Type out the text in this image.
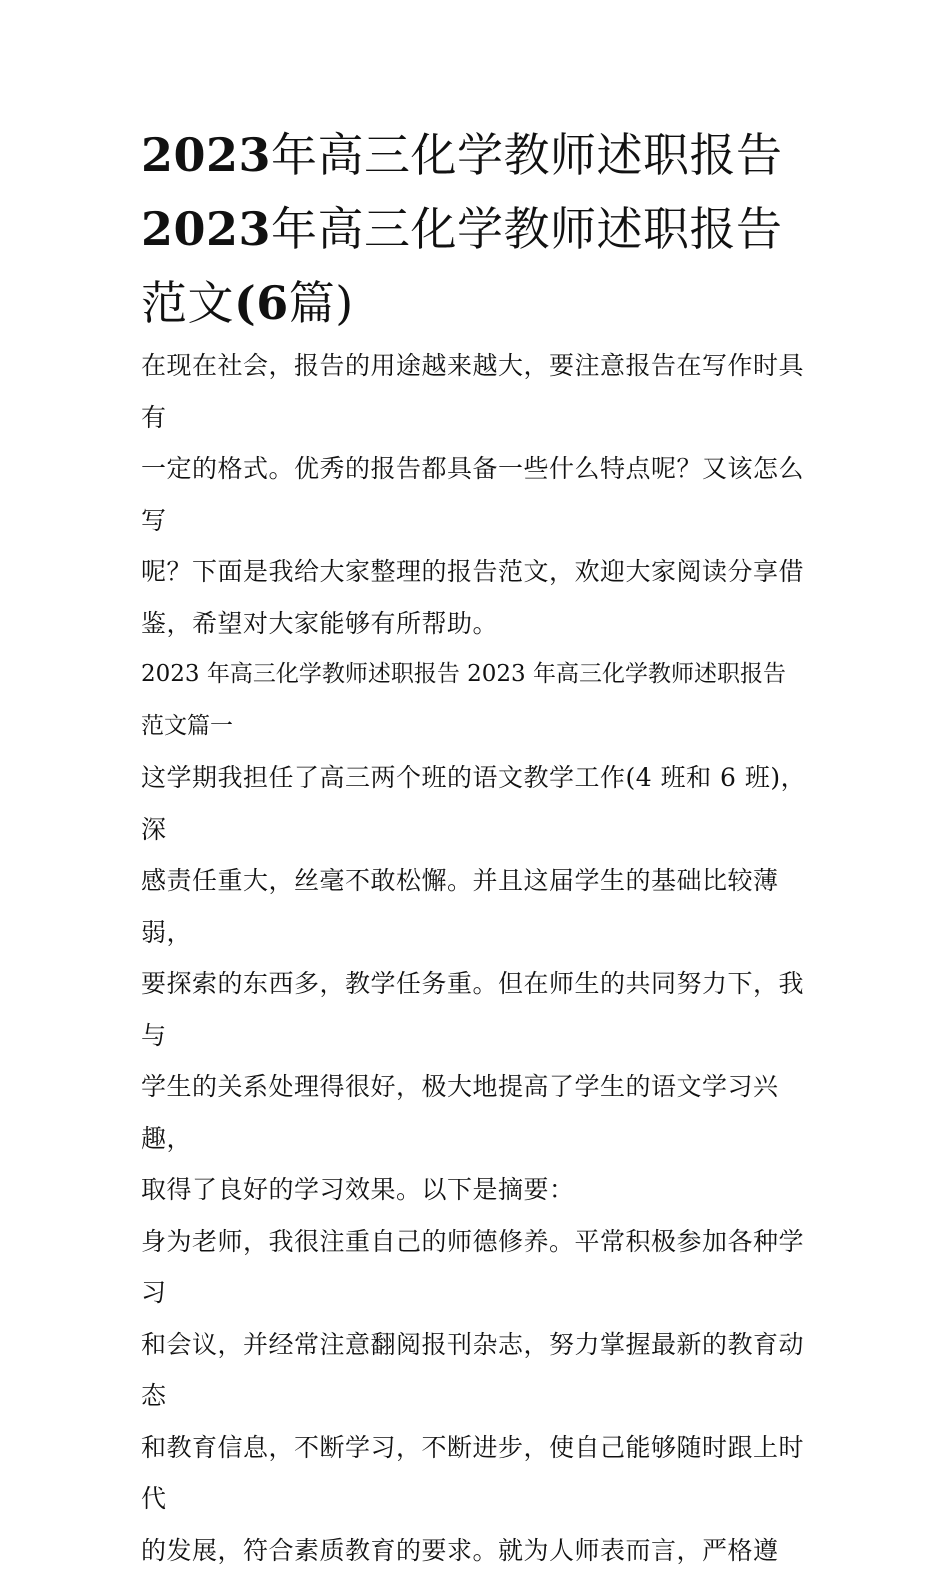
2023年高三化学教师述职报告
2023年高三化学教师述职报告
范文(6篇)

在现在社会，报告的用途越来越大，要注意报告在写作时具有

一定的格式。优秀的报告都具备一些什么特点呢？又该怎么写

呢？下面是我给大家整理的报告范文，欢迎大家阅读分享借

鉴，希望对大家能够有所帮助。

2023 年高三化学教师述职报告 2023 年高三化学教师述职报告

范文篇一

这学期我担任了高三两个班的语文教学工作(4 班和 6 班)，深

感责任重大，丝毫不敢松懈。并且这届学生的基础比较薄弱，

要探索的东西多，教学任务重。但在师生的共同努力下，我与

学生的关系处理得很好，极大地提高了学生的语文学习兴趣，

取得了良好的学习效果。以下是摘要：

身为老师，我很注重自己的师德修养。平常积极参加各种学习

和会议，并经常注意翻阅报刊杂志，努力掌握最新的教育动态

和教育信息，不断学习，不断进步，使自己能够随时跟上时代

的发展，符合素质教育的要求。就为人师表而言，严格遵
